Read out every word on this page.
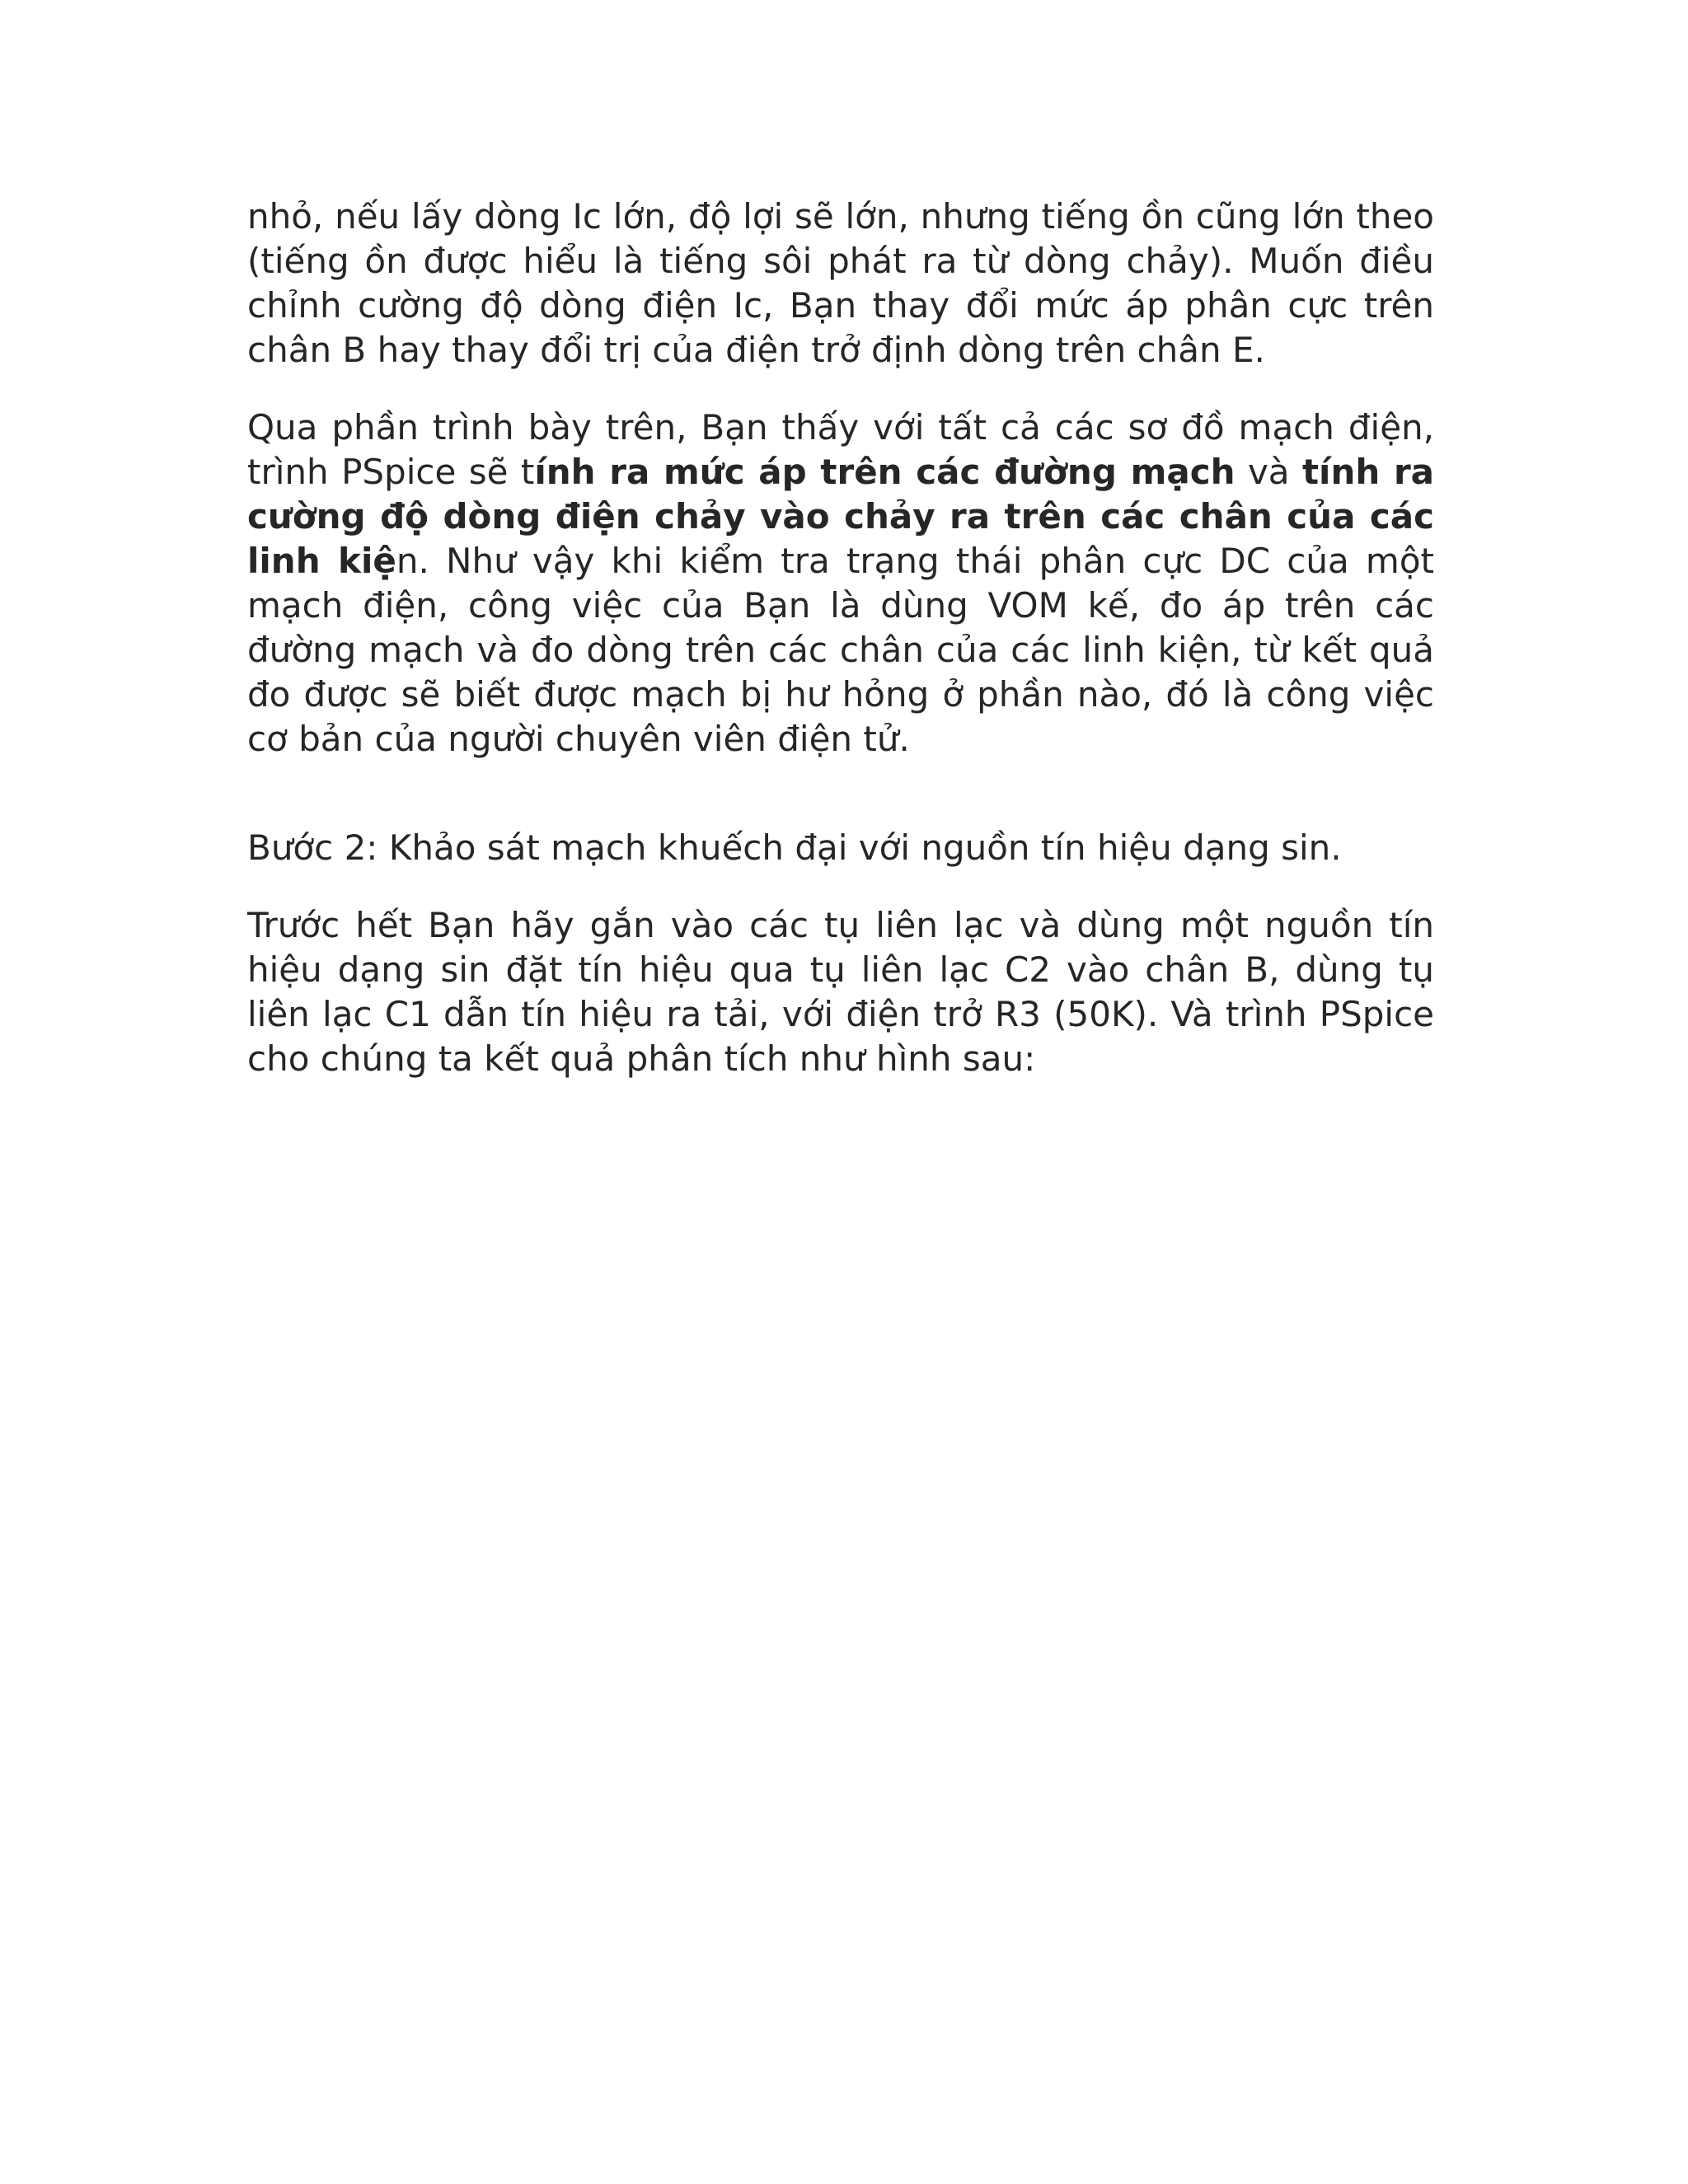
nhỏ, nếu lấy dòng Ic lớn, độ lợi sẽ lớn, nhưng tiếng ồn cũng lớn theo (tiếng ồn được hiểu là tiếng sôi phát ra từ dòng chảy). Muốn điều chỉnh cường độ dòng điện Ic, Bạn thay đổi mức áp phân cực trên chân B hay thay đổi trị của điện trở định dòng trên chân E.

Qua phần trình bày trên, Bạn thấy với tất cả các sơ đồ mạch điện, trình PSpice sẽ tính ra mức áp trên các đường mạch và tính ra cường độ dòng điện chảy vào chảy ra trên các chân của các linh kiện. Như vậy khi kiểm tra trạng thái phân cực DC của một mạch điện, công việc của Bạn là dùng VOM kế, đo áp trên các đường mạch và đo dòng trên các chân của các linh kiện, từ kết quả đo được sẽ biết được mạch bị hư hỏng ở phần nào, đó là công việc cơ bản của người chuyên viên điện tử.

Bước 2: Khảo sát mạch khuếch đại với nguồn tín hiệu dạng sin.

Trước hết Bạn hãy gắn vào các tụ liên lạc và dùng một nguồn tín hiệu dạng sin đặt tín hiệu qua tụ liên lạc C2 vào chân B, dùng tụ liên lạc C1 dẫn tín hiệu ra tải, với điện trở R3 (50K). Và trình PSpice cho chúng ta kết quả phân tích như hình sau:
